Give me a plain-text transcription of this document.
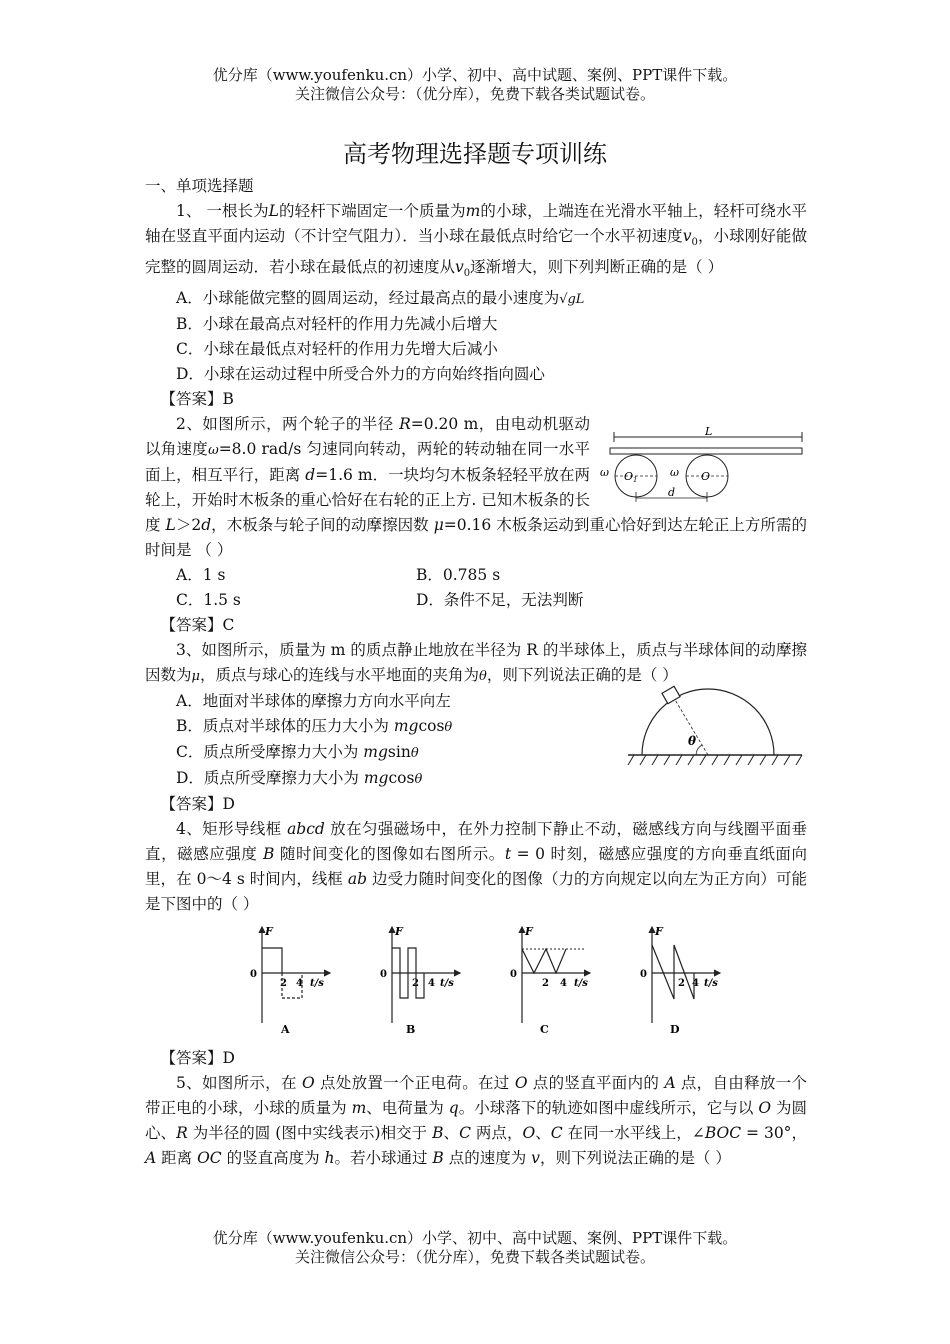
优分库（www.youfenku.cn）小学、初中、高中试题、案例、PPT课件下载。
关注微信公众号：（优分库），免费下载各类试题试卷。
高考物理选择题专项训练

一、单项选择题

1、 一根长为L的轻杆下端固定一个质量为m的小球，上端连在光滑水平轴上，轻杆可绕水平轴在竖直平面内运动（不计空气阻力）．当小球在最低点时给它一个水平初速度$v_0$，小球刚好能做完整的圆周运动．若小球在最低点的初速度从$v_0$逐渐增大，则下列判断正确的是（ ）

A．小球能做完整的圆周运动，经过最高点的最小速度为√gL

B．小球在最高点对轻杆的作用力先减小后增大

C．小球在最低点对轻杆的作用力先增大后减小

D．小球在运动过程中所受合外力的方向始终指向圆心

【答案】B

L
O1	O
ω	ω
d

2、如图所示，两个轮子的半径 R=0.20 m，由电动机驱动以角速度ω=8.0 rad/s 匀速同向转动，两轮的转动轴在同一水平面上，相互平行，距离 d=1.6 m．一块均匀木板条轻轻平放在两轮上，开始时木板条的重心恰好在右轮的正上方. 已知木板条的长度 L＞2d，木板条与轮子间的动摩擦因数 μ=0.16 木板条运动到重心恰好到达左轮正上方所需的时间是 （ ）

A．1 s	B．0.785 s
C．1.5 s	D．条件不足，无法判断

【答案】C

3、如图所示，质量为 m 的质点静止地放在半径为 R 的半球体上，质点与半球体间的动摩擦因数为μ，质点与球心的连线与水平地面的夹角为θ，则下列说法正确的是（ ）

θ

A．地面对半球体的摩擦力方向水平向左

B．质点对半球体的压力大小为 mgcosθ

C．质点所受摩擦力大小为 mgsinθ

D．质点所受摩擦力大小为 mgcosθ

【答案】D

4、矩形导线框 abcd 放在匀强磁场中，在外力控制下静止不动，磁感线方向与线圈平面垂直，磁感应强度 B 随时间变化的图像如右图所示。t = 0 时刻，磁感应强度的方向垂直纸面向里，在 0～4 s 时间内，线框 ab 边受力随时间变化的图像（力的方向规定以向左为正方向）可能是下图中的（ ）

F
0
2 4 t/s
A
F
0
2 4 t/s
B
F
0
2 4 t/s
C
F
0
2 4 t/s
D

【答案】D

5、如图所示，在 O 点处放置一个正电荷。在过 O 点的竖直平面内的 A 点，自由释放一个带正电的小球，小球的质量为 m、电荷量为 q。小球落下的轨迹如图中虚线所示，它与以 O 为圆心、R 为半径的圆 (图中实线表示)相交于 B、C 两点，O、C 在同一水平线上，∠BOC = 30°，A 距离 OC 的竖直高度为 h。若小球通过 B 点的速度为 v，则下列说法正确的是（ ）

优分库（www.youfenku.cn）小学、初中、高中试题、案例、PPT课件下载。
关注微信公众号：（优分库），免费下载各类试题试卷。
